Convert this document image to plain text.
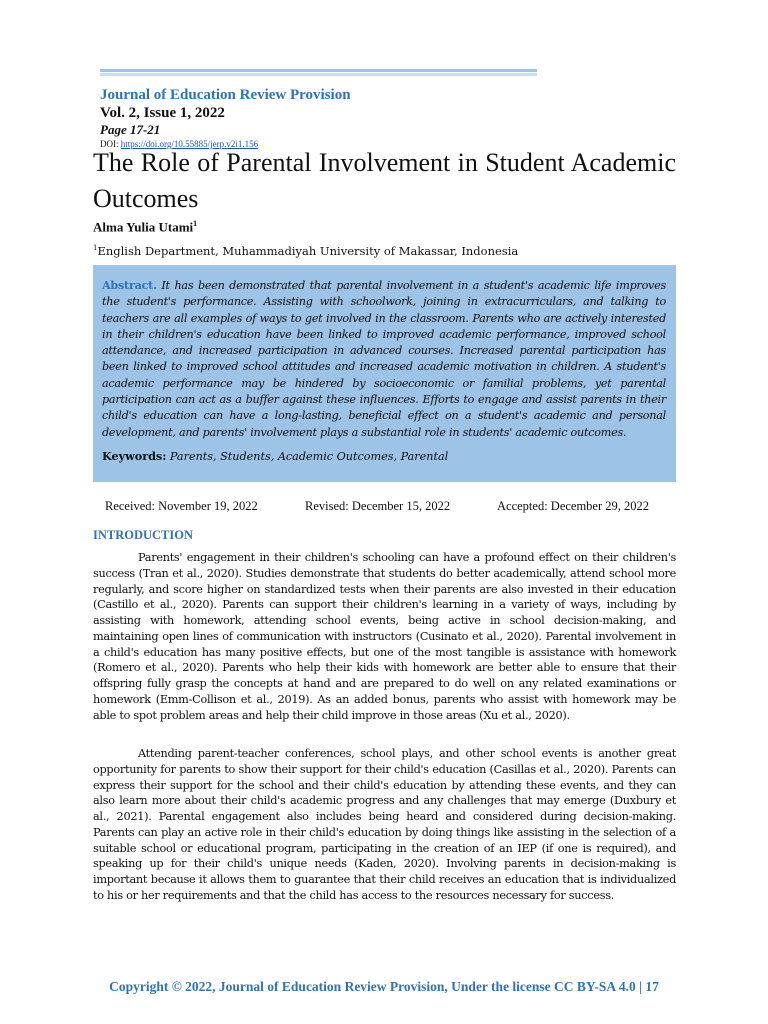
Journal of Education Review Provision
Vol. 2, Issue 1, 2022
Page 17-21
DOI: https://doi.org/10.55885/jerp.v2i1.156
The Role of Parental Involvement in Student Academic Outcomes
Alma Yulia Utami$^1$
$^1$English Department, Muhammadiyah University of Makassar, Indonesia
Abstract. It has been demonstrated that parental involvement in a student's academic life improves the student's performance. Assisting with schoolwork, joining in extracurriculars, and talking to teachers are all examples of ways to get involved in the classroom. Parents who are actively interested in their children's education have been linked to improved academic performance, improved school attendance, and increased participation in advanced courses. Increased parental participation has been linked to improved school attitudes and increased academic motivation in children. A student's academic performance may be hindered by socioeconomic or familial problems, yet parental participation can act as a buffer against these influences. Efforts to engage and assist parents in their child's education can have a long-lasting, beneficial effect on a student's academic and personal development, and parents' involvement plays a substantial role in students' academic outcomes.
Keywords: Parents, Students, Academic Outcomes, Parental
Received: November 19, 2022	Revised: December 15, 2022	Accepted: December 29, 2022
INTRODUCTION
Parents' engagement in their children's schooling can have a profound effect on their children's success (Tran et al., 2020). Studies demonstrate that students do better academically, attend school more regularly, and score higher on standardized tests when their parents are also invested in their education (Castillo et al., 2020). Parents can support their children's learning in a variety of ways, including by assisting with homework, attending school events, being active in school decision-making, and maintaining open lines of communication with instructors (Cusinato et al., 2020). Parental involvement in a child's education has many positive effects, but one of the most tangible is assistance with homework (Romero et al., 2020). Parents who help their kids with homework are better able to ensure that their offspring fully grasp the concepts at hand and are prepared to do well on any related examinations or homework (Emm-Collison et al., 2019). As an added bonus, parents who assist with homework may be able to spot problem areas and help their child improve in those areas (Xu et al., 2020).
Attending parent-teacher conferences, school plays, and other school events is another great opportunity for parents to show their support for their child's education (Casillas et al., 2020). Parents can express their support for the school and their child's education by attending these events, and they can also learn more about their child's academic progress and any challenges that may emerge (Duxbury et al., 2021). Parental engagement also includes being heard and considered during decision-making. Parents can play an active role in their child's education by doing things like assisting in the selection of a suitable school or educational program, participating in the creation of an IEP (if one is required), and speaking up for their child's unique needs (Kaden, 2020). Involving parents in decision-making is important because it allows them to guarantee that their child receives an education that is individualized to his or her requirements and that the child has access to the resources necessary for success.
Copyright © 2022, Journal of Education Review Provision, Under the license CC BY-SA 4.0 | 17
